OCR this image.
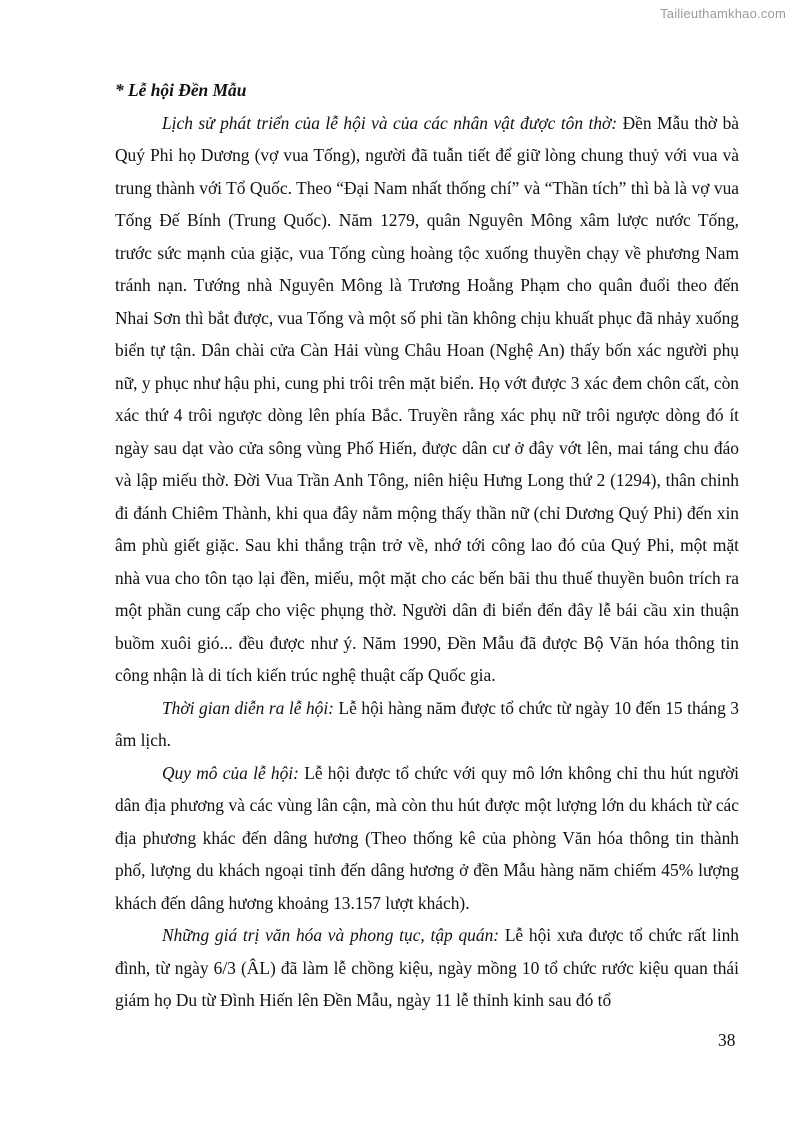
Tailieuthamkhao.com

* Lễ hội Đền Mẫu

Lịch sử phát triển của lễ hội và của các nhân vật được tôn thờ: Đền Mẫu thờ bà Quý Phi họ Dương (vợ vua Tống), người đã tuẫn tiết để giữ lòng chung thuỷ với vua và trung thành với Tổ Quốc. Theo “Đại Nam nhất thống chí” và “Thần tích” thì bà là vợ vua Tống Đế Bính (Trung Quốc). Năm 1279, quân Nguyên Mông xâm lược nước Tống, trước sức mạnh của giặc, vua Tống cùng hoàng tộc xuống thuyền chạy về phương Nam tránh nạn. Tướng nhà Nguyên Mông là Trương Hoằng Phạm cho quân đuổi theo đến Nhai Sơn thì bắt được, vua Tống và một số phi tần không chịu khuất phục đã nhảy xuống biển tự tận. Dân chài cửa Càn Hải vùng Châu Hoan (Nghệ An) thấy bốn xác người phụ nữ, y phục như hậu phi, cung phi trôi trên mặt biển. Họ vớt được 3 xác đem chôn cất, còn xác thứ 4 trôi ngược dòng lên phía Bắc. Truyền rằng xác phụ nữ trôi ngược dòng đó ít ngày sau dạt vào cửa sông vùng Phố Hiến, được dân cư ở đây vớt lên, mai táng chu đáo và lập miếu thờ. Đời Vua Trần Anh Tông, niên hiệu Hưng Long thứ 2 (1294), thân chinh đi đánh Chiêm Thành, khi qua đây nằm mộng thấy thần nữ (chỉ Dương Quý Phi) đến xin âm phù giết giặc. Sau khi thắng trận trở về, nhớ tới công lao đó của Quý Phi, một mặt nhà vua cho tôn tạo lại đền, miếu, một mặt cho các bến bãi thu thuế thuyền buôn trích ra một phần cung cấp cho việc phụng thờ. Người dân đi biển đến đây lễ bái cầu xin thuận buồm xuôi gió... đều được như ý. Năm 1990, Đền Mẫu đã được Bộ Văn hóa thông tin công nhận là di tích kiến trúc nghệ thuật cấp Quốc gia.

Thời gian diễn ra lễ hội: Lễ hội hàng năm được tổ chức từ ngày 10 đến 15 tháng 3 âm lịch.

Quy mô của lễ hội: Lễ hội được tổ chức với quy mô lớn không chỉ thu hút người dân địa phương và các vùng lân cận, mà còn thu hút được một lượng lớn du khách từ các địa phương khác đến dâng hương (Theo thống kê của phòng Văn hóa thông tin thành phố, lượng du khách ngoại tỉnh đến dâng hương ở đền Mẫu hàng năm chiếm 45% lượng khách đến dâng hương khoảng 13.157 lượt khách).

Những giá trị văn hóa và phong tục, tập quán: Lễ hội xưa được tổ chức rất linh đình, từ ngày 6/3 (ÂL) đã làm lễ chồng kiệu, ngày mồng 10 tổ chức rước kiệu quan thái giám họ Du từ Đình Hiến lên Đền Mẫu, ngày 11 lễ thỉnh kinh sau đó tổ

38
